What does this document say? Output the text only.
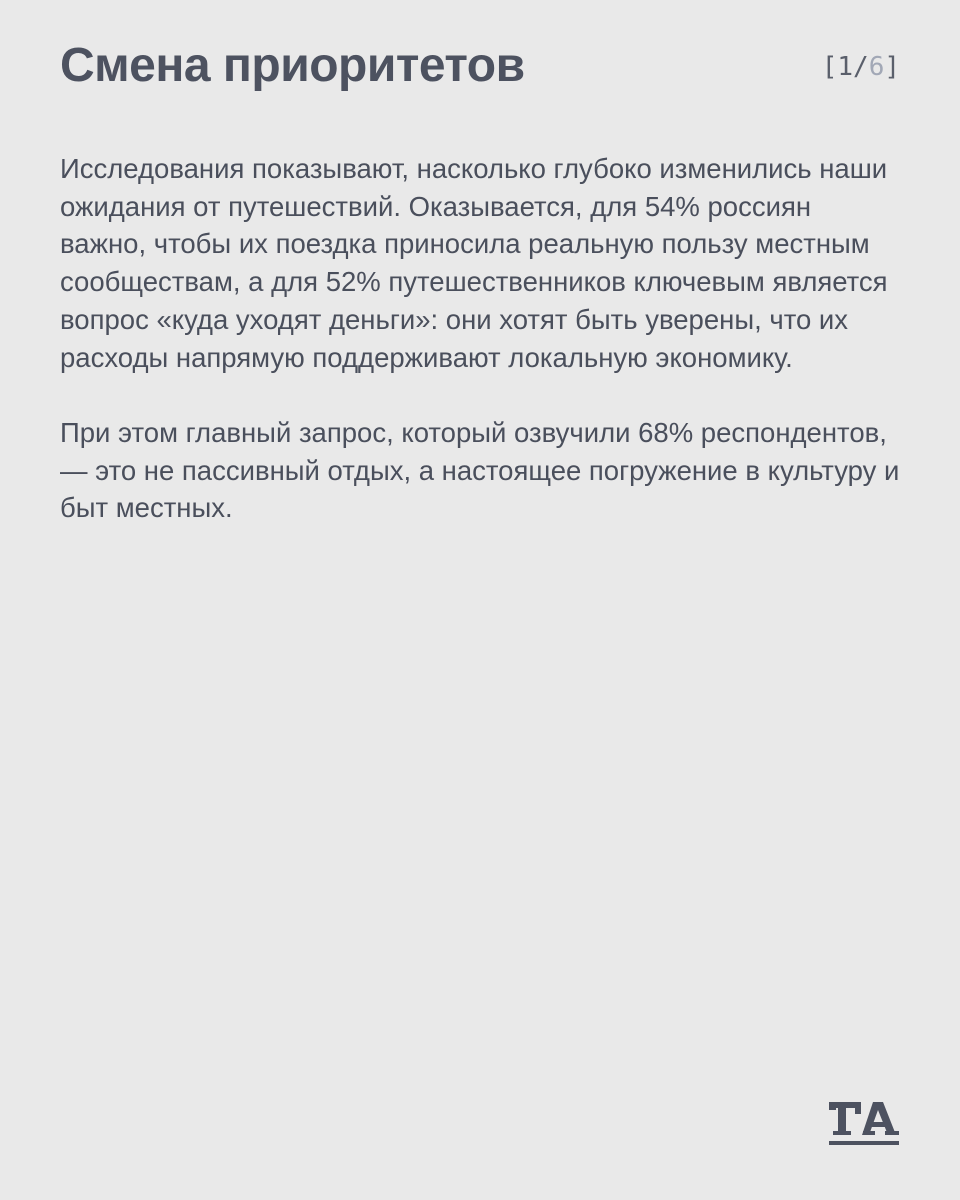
Смена приоритетов	[1/6]

Исследования показывают, насколько глубоко изменились наши ожидания от путешествий. Оказывается, для 54% россиян важно, чтобы их поездка приносила реальную пользу местным сообществам, а для 52% путешественников ключевым является вопрос «куда уходят деньги»: они хотят быть уверены, что их расходы напрямую поддерживают локальную экономику.

При этом главный запрос, который озвучили 68% респондентов, — это не пассивный отдых, а настоящее погружение в культуру и быт местных.
